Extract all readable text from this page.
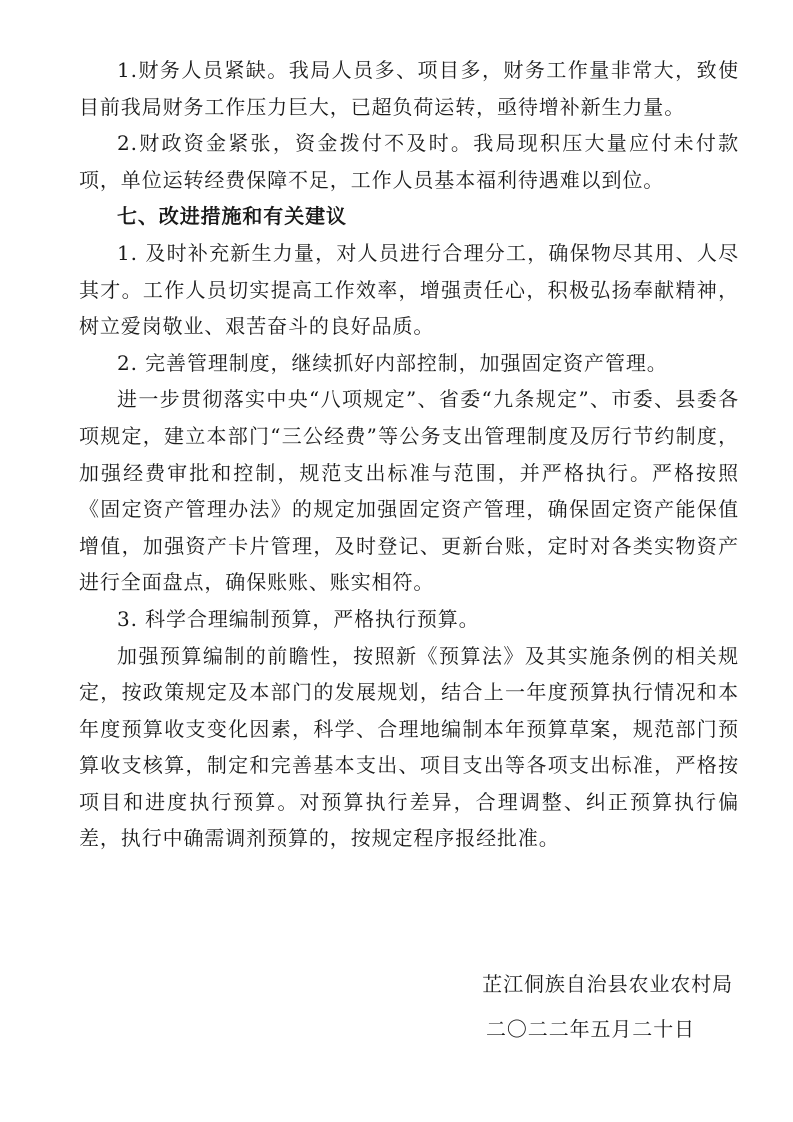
1.财务人员紧缺。我局人员多、项目多，财务工作量非常大，致使目前我局财务工作压力巨大，已超负荷运转，亟待增补新生力量。

2.财政资金紧张，资金拨付不及时。我局现积压大量应付未付款项，单位运转经费保障不足，工作人员基本福利待遇难以到位。

七、改进措施和有关建议

1. 及时补充新生力量，对人员进行合理分工，确保物尽其用、人尽其才。工作人员切实提高工作效率，增强责任心，积极弘扬奉献精神，树立爱岗敬业、艰苦奋斗的良好品质。

2. 完善管理制度，继续抓好内部控制，加强固定资产管理。

进一步贯彻落实中央“八项规定”、省委“九条规定”、市委、县委各项规定，建立本部门“三公经费”等公务支出管理制度及厉行节约制度，加强经费审批和控制，规范支出标准与范围，并严格执行。严格按照《固定资产管理办法》的规定加强固定资产管理，确保固定资产能保值增值，加强资产卡片管理，及时登记、更新台账，定时对各类实物资产进行全面盘点，确保账账、账实相符。

3. 科学合理编制预算，严格执行预算。

加强预算编制的前瞻性，按照新《预算法》及其实施条例的相关规定，按政策规定及本部门的发展规划，结合上一年度预算执行情况和本年度预算收支变化因素，科学、合理地编制本年预算草案，规范部门预算收支核算，制定和完善基本支出、项目支出等各项支出标准，严格按项目和进度执行预算。对预算执行差异，合理调整、纠正预算执行偏差，执行中确需调剂预算的，按规定程序报经批准。

芷江侗族自治县农业农村局
二〇二二年五月二十日
